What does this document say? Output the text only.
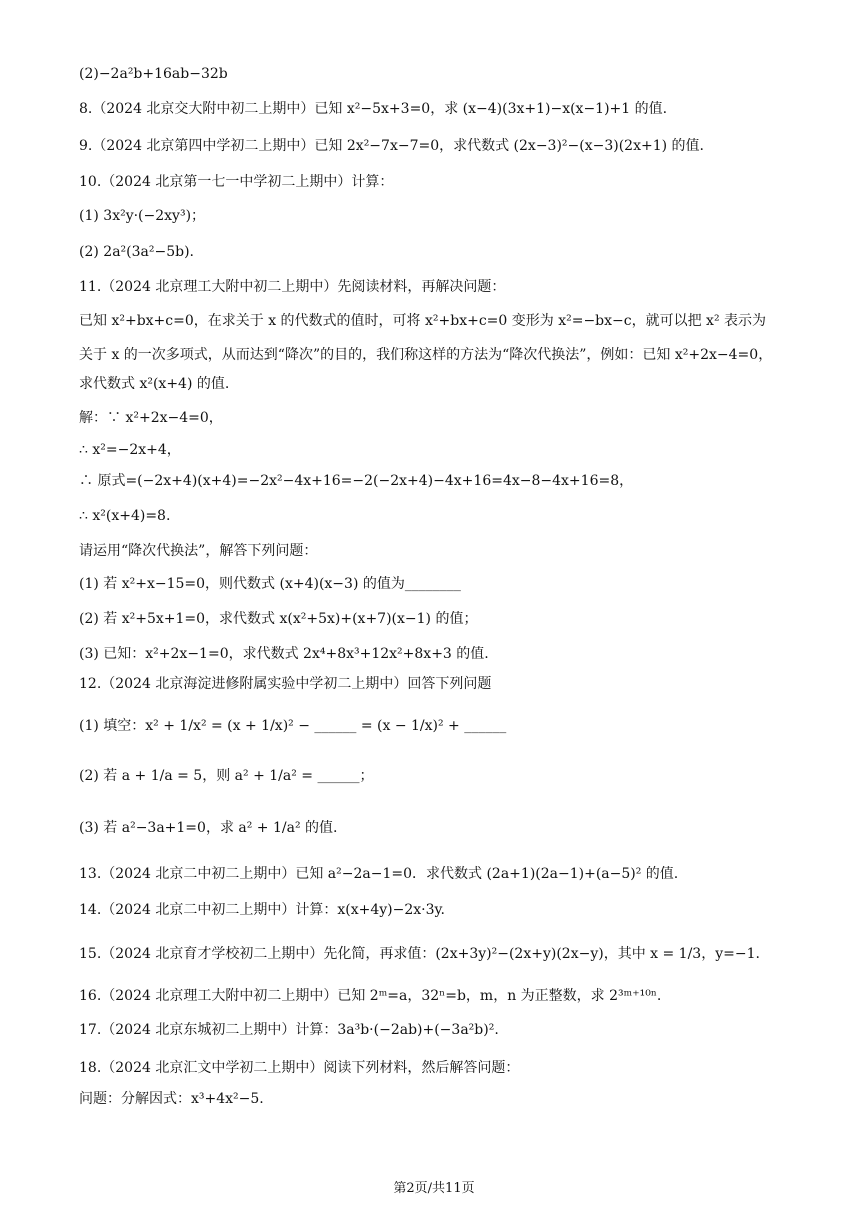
(2)−2a²b+16ab−32b
8.（2024 北京交大附中初二上期中）已知 x²−5x+3=0，求 (x−4)(3x+1)−x(x−1)+1 的值.
9.（2024 北京第四中学初二上期中）已知 2x²−7x−7=0，求代数式 (2x−3)²−(x−3)(2x+1) 的值.
10.（2024 北京第一七一中学初二上期中）计算：
(1) 3x²y·(−2xy³)；
(2) 2a²(3a²−5b).
11.（2024 北京理工大附中初二上期中）先阅读材料，再解决问题：
已知 x²+bx+c=0，在求关于 x 的代数式的值时，可将 x²+bx+c=0 变形为 x²=−bx−c，就可以把 x² 表示为
关于 x 的一次多项式，从而达到“降次”的目的，我们称这样的方法为“降次代换法”，例如：已知 x²+2x−4=0，
求代数式 x²(x+4) 的值.
解：∵ x²+2x−4=0，
∴ x²=−2x+4，
∴ 原式=(−2x+4)(x+4)=−2x²−4x+16=−2(−2x+4)−4x+16=4x−8−4x+16=8，
∴ x²(x+4)=8.
请运用“降次代换法”，解答下列问题：
(1) 若 x²+x−15=0，则代数式 (x+4)(x−3) 的值为________
(2) 若 x²+5x+1=0，求代数式 x(x²+5x)+(x+7)(x−1) 的值；
(3) 已知：x²+2x−1=0，求代数式 2x⁴+8x³+12x²+8x+3 的值.
12.（2024 北京海淀进修附属实验中学初二上期中）回答下列问题
(1) 填空：x² + 1/x² = (x + 1/x)² − ______ = (x − 1/x)² + ______
(2) 若 a + 1/a = 5，则 a² + 1/a² = ______；
(3) 若 a²−3a+1=0，求 a² + 1/a² 的值.
13.（2024 北京二中初二上期中）已知 a²−2a−1=0．求代数式 (2a+1)(2a−1)+(a−5)² 的值.
14.（2024 北京二中初二上期中）计算：x(x+4y)−2x·3y.
15.（2024 北京育才学校初二上期中）先化简，再求值：(2x+3y)²−(2x+y)(2x−y)，其中 x = 1/3，y=−1.
16.（2024 北京理工大附中初二上期中）已知 2ᵐ=a，32ⁿ=b，m，n 为正整数，求 2³ᵐ⁺¹⁰ⁿ.
17.（2024 北京东城初二上期中）计算：3a³b·(−2ab)+(−3a²b)².
18.（2024 北京汇文中学初二上期中）阅读下列材料，然后解答问题：
问题：分解因式：x³+4x²−5.
第2页/共11页
